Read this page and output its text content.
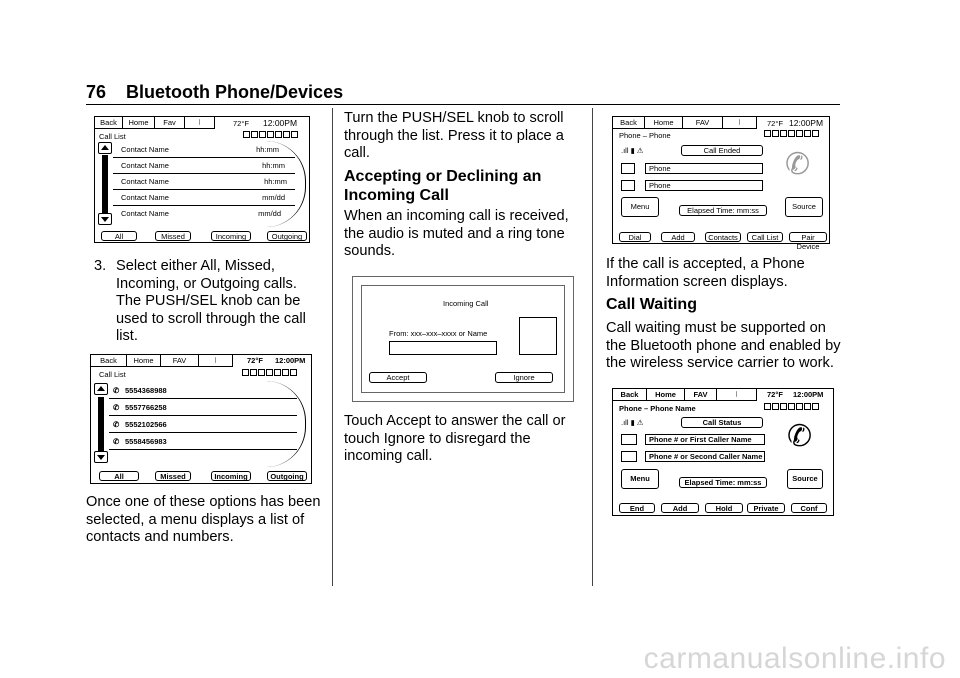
76 Bluetooth Phone/Devices
Back	Home	Fav	⦚	72°F 12:00PM
Call List
Contact Name	hh:mm
Contact Name	hh:mm
Contact Name	hh:mm
Contact Name	mm/dd
Contact Name	mm/dd
All	Missed	Incoming	Outgoing
3. Select either All, Missed, Incoming, or Outgoing calls. The PUSH/SEL knob can be used to scroll through the call list.
Back	Home	FAV	⦚	72°F 12:00PM
Call List
✆ 5554368988
✆ 5557766258
✆ 5552102566
✆ 5558456983
All	Missed	Incoming	Outgoing
Once one of these options has been selected, a menu displays a list of contacts and numbers.
Turn the PUSH/SEL knob to scroll through the list. Press it to place a call.
Accepting or Declining an Incoming Call
When an incoming call is received, the audio is muted and a ring tone sounds.
Incoming Call
From: xxx–xxx–xxxx or Name
Accept	Ignore
Touch Accept to answer the call or touch Ignore to disregard the incoming call.
Back	Home	FAV	⦚	72°F 12:00PM
Phone – Phone
.ıll ▮ ⚠	Call Ended
Phone
Phone
✆
Menu	Elapsed Time: mm:ss	Source
Dial	Add	Contacts	Call List	Pair Device
If the call is accepted, a Phone Information screen displays.
Call Waiting
Call waiting must be supported on the Bluetooth phone and enabled by the wireless service carrier to work.
Back	Home	FAV	⦚	72°F 12:00PM
Phone – Phone Name
.ıll ▮ ⚠	Call Status
Phone # or First Caller Name
Phone # or Second Caller Name
✆
Menu	Elapsed Time: mm:ss	Source
End	Add	Hold	Private	Conf
carmanualsonline.info
